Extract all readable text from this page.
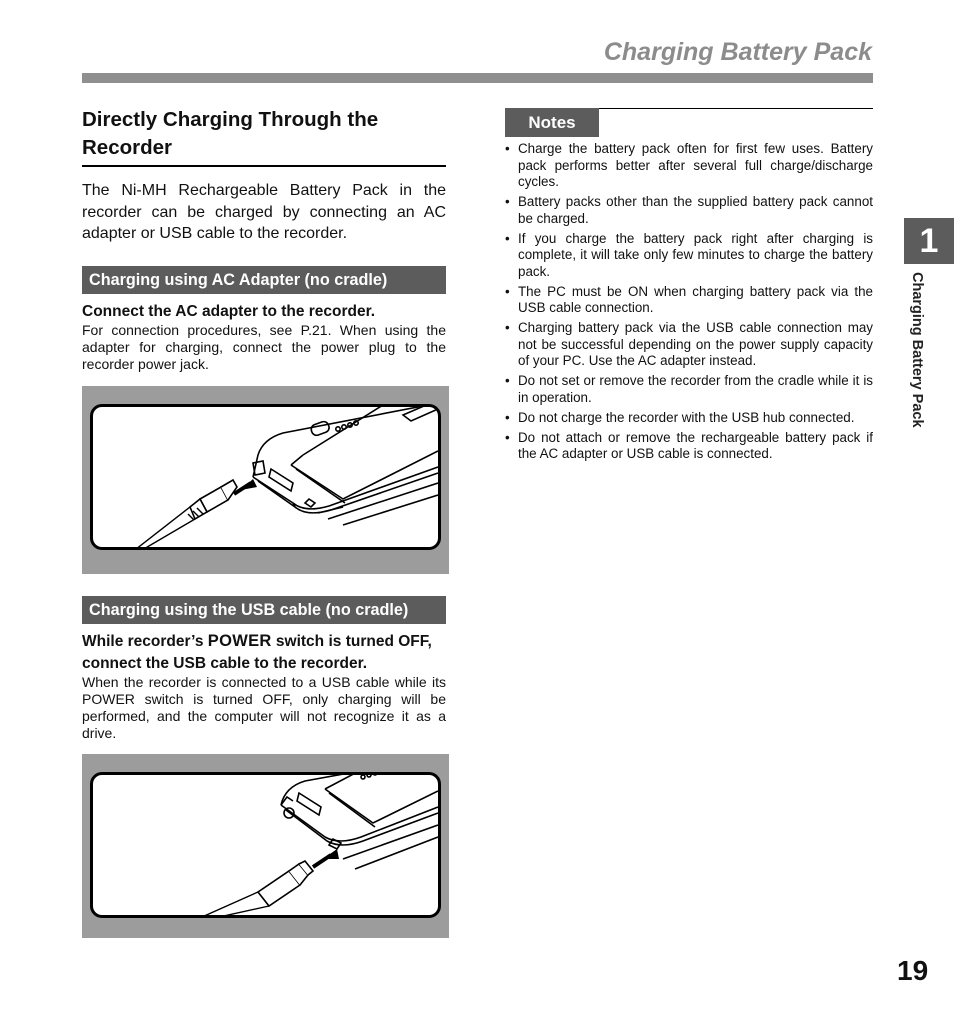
Charging Battery Pack
Directly Charging Through the Recorder
The Ni-MH Rechargeable Battery Pack in the recorder can be charged by connecting an AC adapter or USB cable to the recorder.
Charging using AC Adapter (no cradle)
Connect the AC adapter to the recorder.
For connection procedures, see P.21. When using the adapter for charging, connect the power plug to the recorder power jack.
Charging using the USB cable (no cradle)
While recorder’s POWER switch is turned OFF, connect the USB cable to the recorder.
When the recorder is connected to a USB cable while its POWER switch is turned OFF, only charging will be performed, and the computer will not recognize it as a drive.
Notes
• Charge the battery pack often for first few uses. Battery pack performs better after several full charge/discharge cycles.
• Battery packs other than the supplied battery pack cannot be charged.
• If you charge the battery pack right after charging is complete, it will take only few minutes to charge the battery pack.
• The PC must be ON when charging battery pack via the USB cable connection.
• Charging battery pack via the USB cable connection may not be successful depending on the power supply capacity of your PC. Use the AC adapter instead.
• Do not set or remove the recorder from the cradle while it is in operation.
• Do not charge the recorder with the USB hub connected.
• Do not attach or remove the rechargeable battery pack if the AC adapter or USB cable is connected.
1
Charging Battery Pack
19
